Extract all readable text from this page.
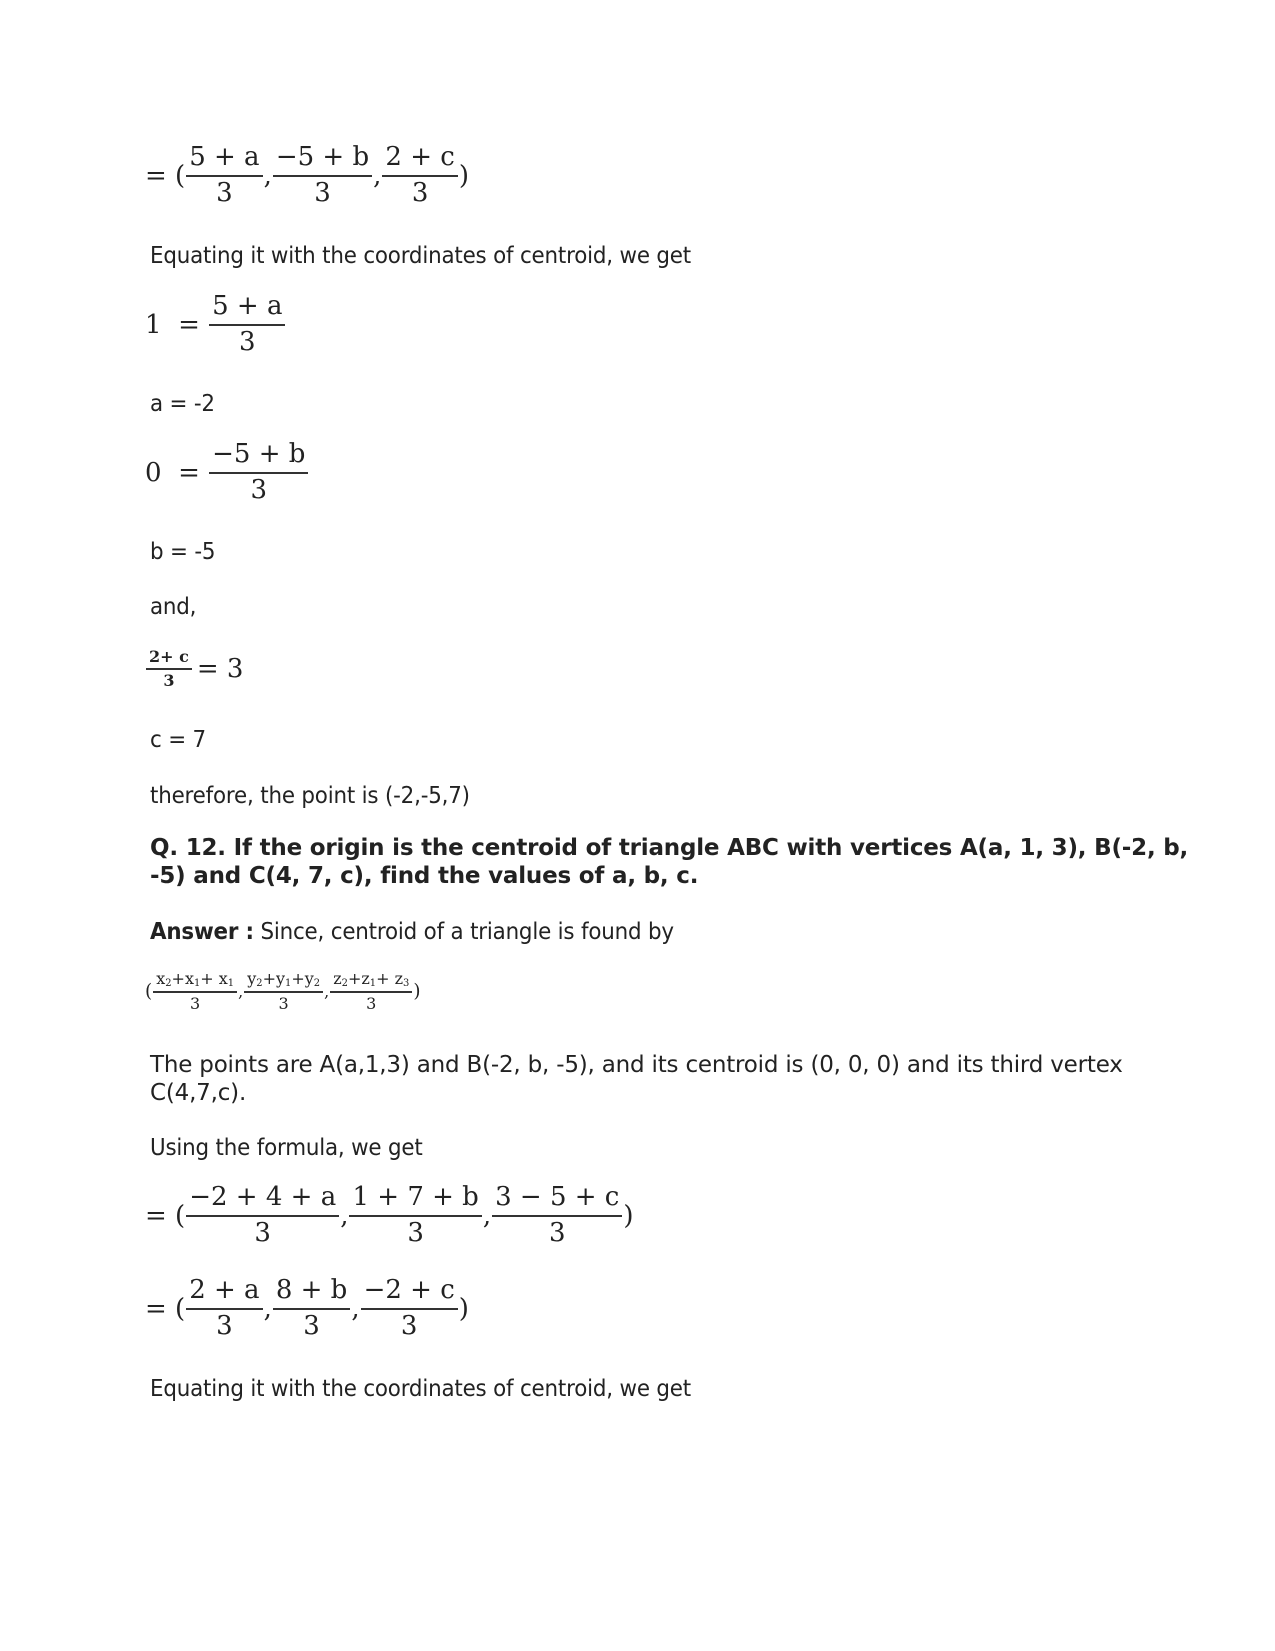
= ( $\frac{5 + a}{3}$ , $\frac{-5 + b}{3}$ , $\frac{2 + c}{3}$ )
Equating it with the coordinates of centroid, we get
1  =
$\frac{5 + a}{3}$
a = -2
0  =
$\frac{-5 + b}{3}$
b = -5
and,
$\frac{2+ c}{3} = 3$
c = 7
therefore, the point is (-2,-5,7)
Q. 12. If the origin is the centroid of triangle ABC with vertices A(a, 1, 3), B(-2, b, -5) and C(4, 7, c), find the values of a, b, c.
Answer : Since, centroid of a triangle is found by
( $\frac{x_2+x_1+ x_1}{3}$ , $\frac{y_2+y_1+y_2}{3}$ , $\frac{z_2+z_1+ z_3}{3}$ )
The points are A(a,1,3) and B(-2, b, -5), and its centroid is (0, 0, 0) and its third vertex C(4,7,c).
Using the formula, we get
= ( $\frac{-2 + 4 + a}{3}$ , $\frac{1 + 7 + b}{3}$ , $\frac{3 - 5 + c}{3}$ )
= ( $\frac{2 + a}{3}$ , $\frac{8 + b}{3}$ , $\frac{-2 + c}{3}$ )
Equating it with the coordinates of centroid, we get
